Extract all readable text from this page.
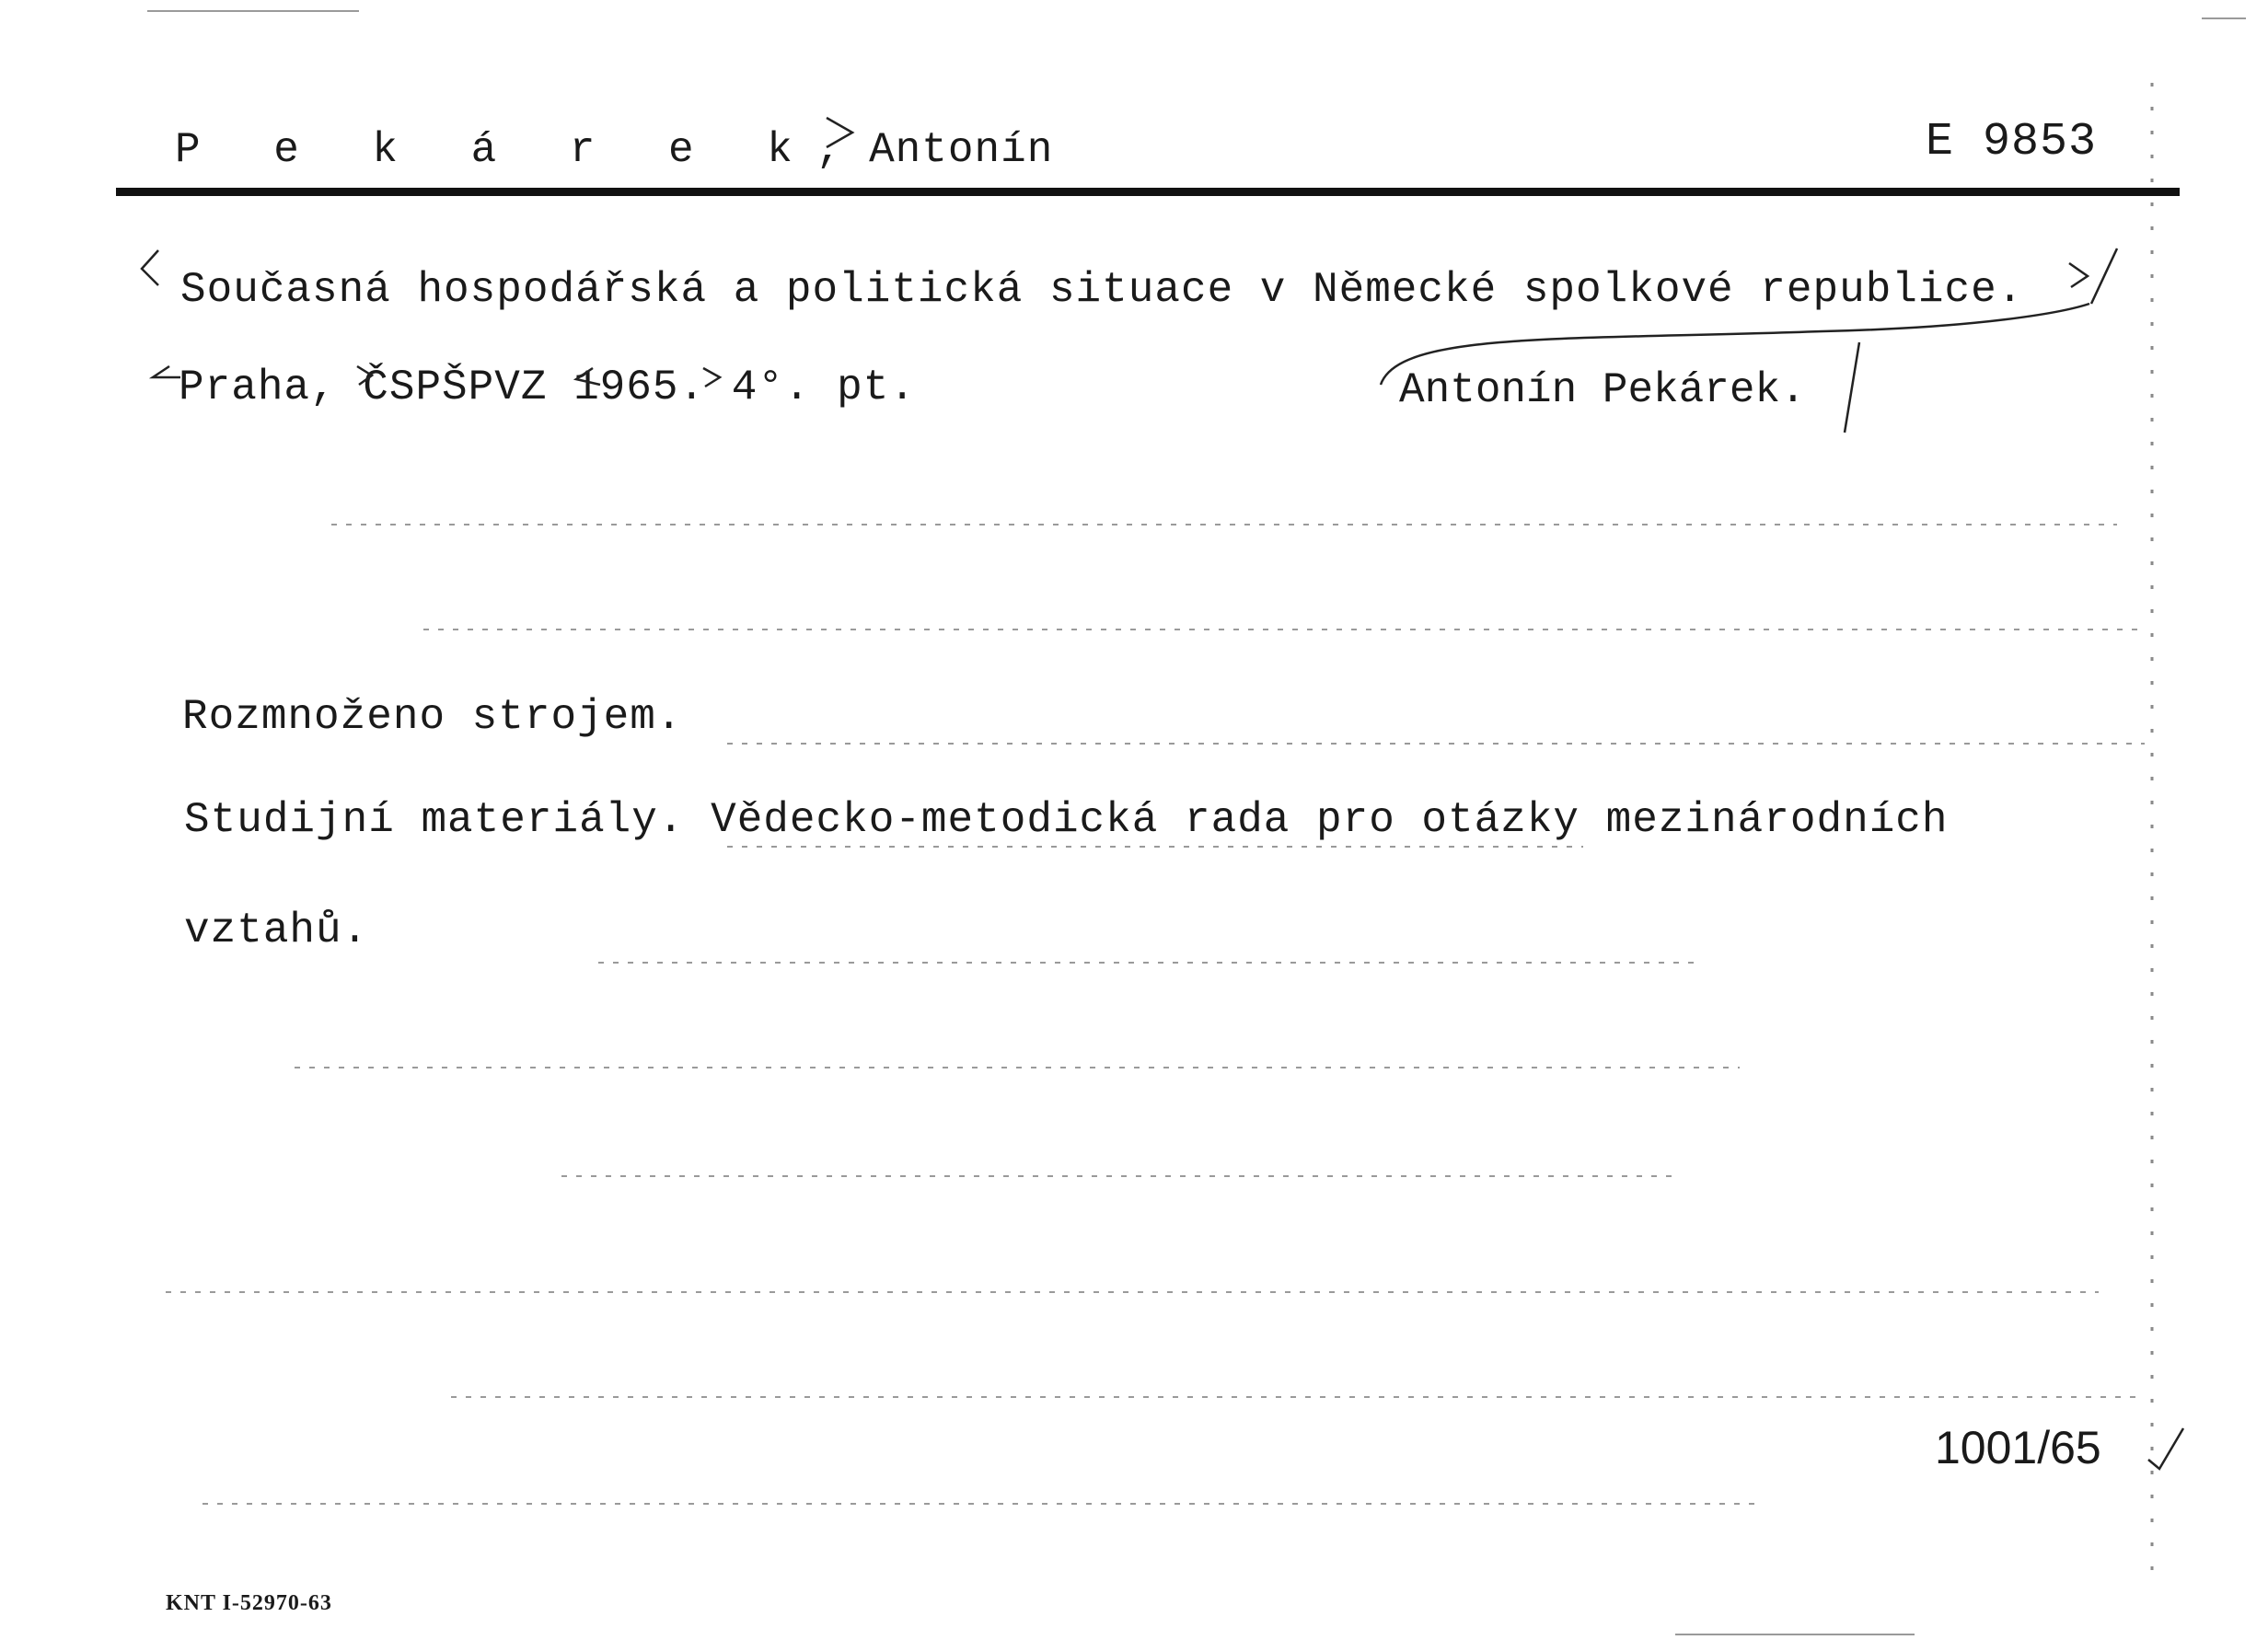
P e k á r e k, Antonín	E 9853
Současná hospodářská a politická situace v Německé spolkové republice.
Praha, ČSPŠPVZ 1965. 4°. pt.	Antonín Pekárek.
Rozmnoženo strojem.
Studijní materiály. Vědecko-metodická rada pro otázky mezinárodních
vztahů.
1001/65
KNT I-52970-63
